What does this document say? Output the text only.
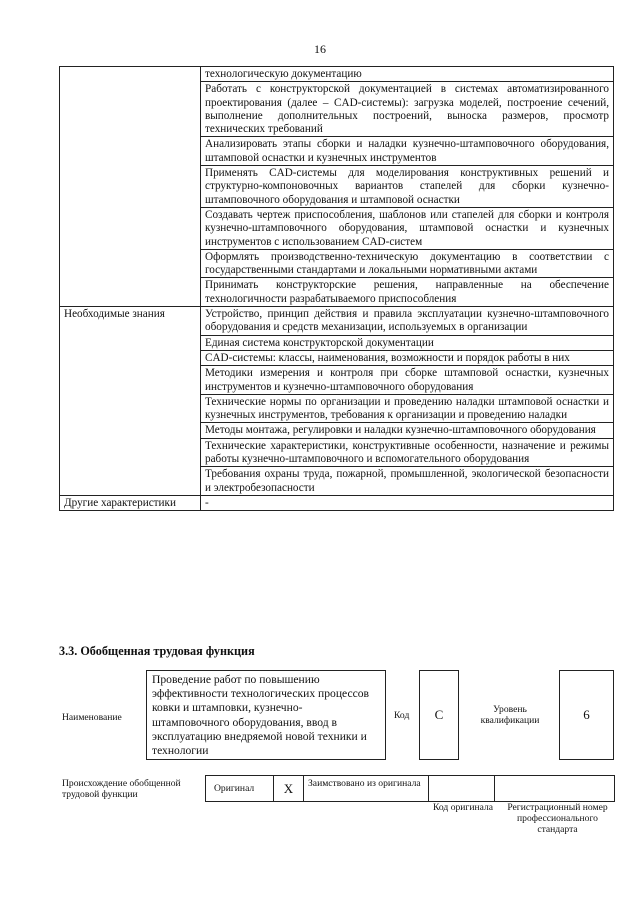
16
	технологическую документацию
	Работать с конструкторской документацией в системах автоматизированного проектирования (далее – CAD-системы): загрузка моделей, построение сечений, выполнение дополнительных построений, выноска размеров, просмотр технических требований
	Анализировать этапы сборки и наладки кузнечно-штамповочного оборудования, штамповой оснастки и кузнечных инструментов
	Применять CAD-системы для моделирования конструктивных решений и структурно-компоновочных вариантов стапелей для сборки кузнечно-штамповочного оборудования и штамповой оснастки
	Создавать чертеж приспособления, шаблонов или стапелей для сборки и контроля кузнечно-штамповочного оборудования, штамповой оснастки и кузнечных инструментов с использованием CAD-систем
	Оформлять производственно-техническую документацию в соответствии с государственными стандартами и локальными нормативными актами
	Принимать конструкторские решения, направленные на обеспечение технологичности разрабатываемого приспособления
Необходимые знания	Устройство, принцип действия и правила эксплуатации кузнечно-штамповочного оборудования и средств механизации, используемых в организации
	Единая система конструкторской документации
	CAD-системы: классы, наименования, возможности и порядок работы в них
	Методики измерения и контроля при сборке штамповой оснастки, кузнечных инструментов и кузнечно-штамповочного оборудования
	Технические нормы по организации и проведению наладки штамповой оснастки и кузнечных инструментов, требования к организации и проведению наладки
	Методы монтажа, регулировки и наладки кузнечно-штамповочного оборудования
	Технические характеристики, конструктивные особенности, назначение и режимы работы кузнечно-штамповочного и вспомогательного оборудования
	Требования охраны труда, пожарной, промышленной, экологической безопасности и электробезопасности
Другие характеристики	-
3.3. Обобщенная трудовая функция
Наименование
Проведение работ по повышению эффективности технологических процессов ковки и штамповки, кузнечно-штамповочного оборудования, ввод в эксплуатацию внедряемой новой техники и технологии
Код	C	Уровень квалификации	6
Происхождение обобщенной трудовой функции
Оригинал	X	Заимствовано из оригинала		
Код оригинала	Регистрационный номер профессионального стандарта
